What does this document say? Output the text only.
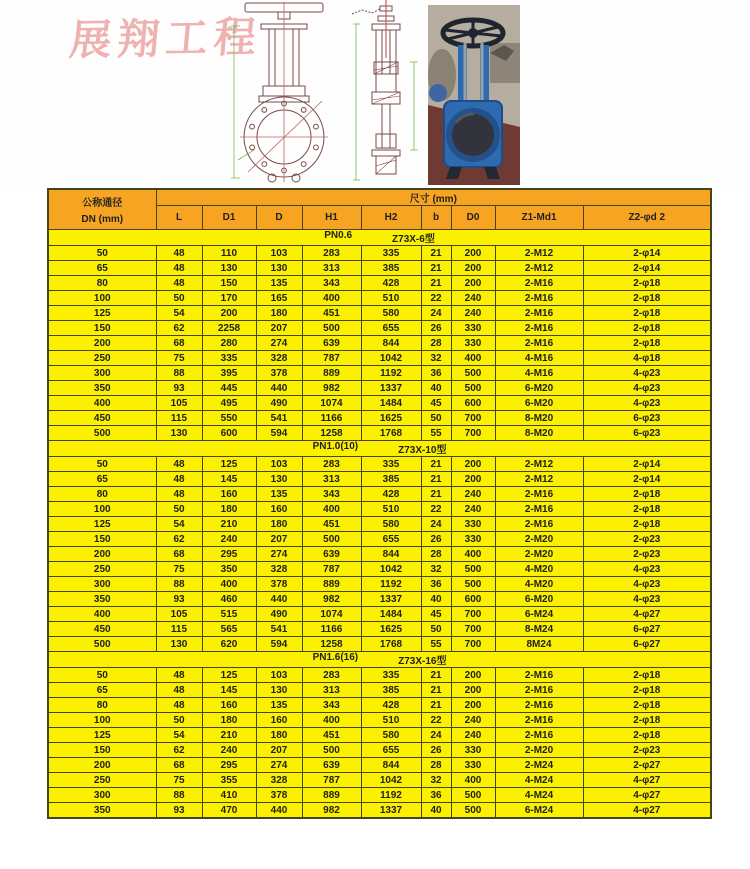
展翔工程
公称通径
DN (mm)	尺寸 (mm)								
	L	D1	D	H1	H2	b	D0	Z1-Md1	Z2-φd 2

PN0.6 Z73X-6型									

50	48	110	103	283	335	21	200	2-M12	2-φ14
65	48	130	130	313	385	21	200	2-M12	2-φ14
80	48	150	135	343	428	21	200	2-M16	2-φ18
100	50	170	165	400	510	22	240	2-M16	2-φ18
125	54	200	180	451	580	24	240	2-M16	2-φ18
150	62	2258	207	500	655	26	330	2-M16	2-φ18
200	68	280	274	639	844	28	330	2-M16	2-φ18
250	75	335	328	787	1042	32	400	4-M16	4-φ18
300	88	395	378	889	1192	36	500	4-M16	4-φ23
350	93	445	440	982	1337	40	500	6-M20	4-φ23
400	105	495	490	1074	1484	45	600	6-M20	4-φ23
450	115	550	541	1166	1625	50	700	8-M20	6-φ23
500	130	600	594	1258	1768	55	700	8-M20	6-φ23

PN1.0(10) Z73X-10型									

50	48	125	103	283	335	21	200	2-M12	2-φ14
65	48	145	130	313	385	21	200	2-M12	2-φ14
80	48	160	135	343	428	21	240	2-M16	2-φ18
100	50	180	160	400	510	22	240	2-M16	2-φ18
125	54	210	180	451	580	24	330	2-M16	2-φ18
150	62	240	207	500	655	26	330	2-M20	2-φ23
200	68	295	274	639	844	28	400	2-M20	2-φ23
250	75	350	328	787	1042	32	500	4-M20	4-φ23
300	88	400	378	889	1192	36	500	4-M20	4-φ23
350	93	460	440	982	1337	40	600	6-M20	4-φ23
400	105	515	490	1074	1484	45	700	6-M24	4-φ27
450	115	565	541	1166	1625	50	700	8-M24	6-φ27
500	130	620	594	1258	1768	55	700	8M24	6-φ27

PN1.6(16) Z73X-16型									

50	48	125	103	283	335	21	200	2-M16	2-φ18
65	48	145	130	313	385	21	200	2-M16	2-φ18
80	48	160	135	343	428	21	200	2-M16	2-φ18
100	50	180	160	400	510	22	240	2-M16	2-φ18
125	54	210	180	451	580	24	240	2-M16	2-φ18
150	62	240	207	500	655	26	330	2-M20	2-φ23
200	68	295	274	639	844	28	330	2-M24	2-φ27
250	75	355	328	787	1042	32	400	4-M24	4-φ27
300	88	410	378	889	1192	36	500	4-M24	4-φ27
350	93	470	440	982	1337	40	500	6-M24	4-φ27
